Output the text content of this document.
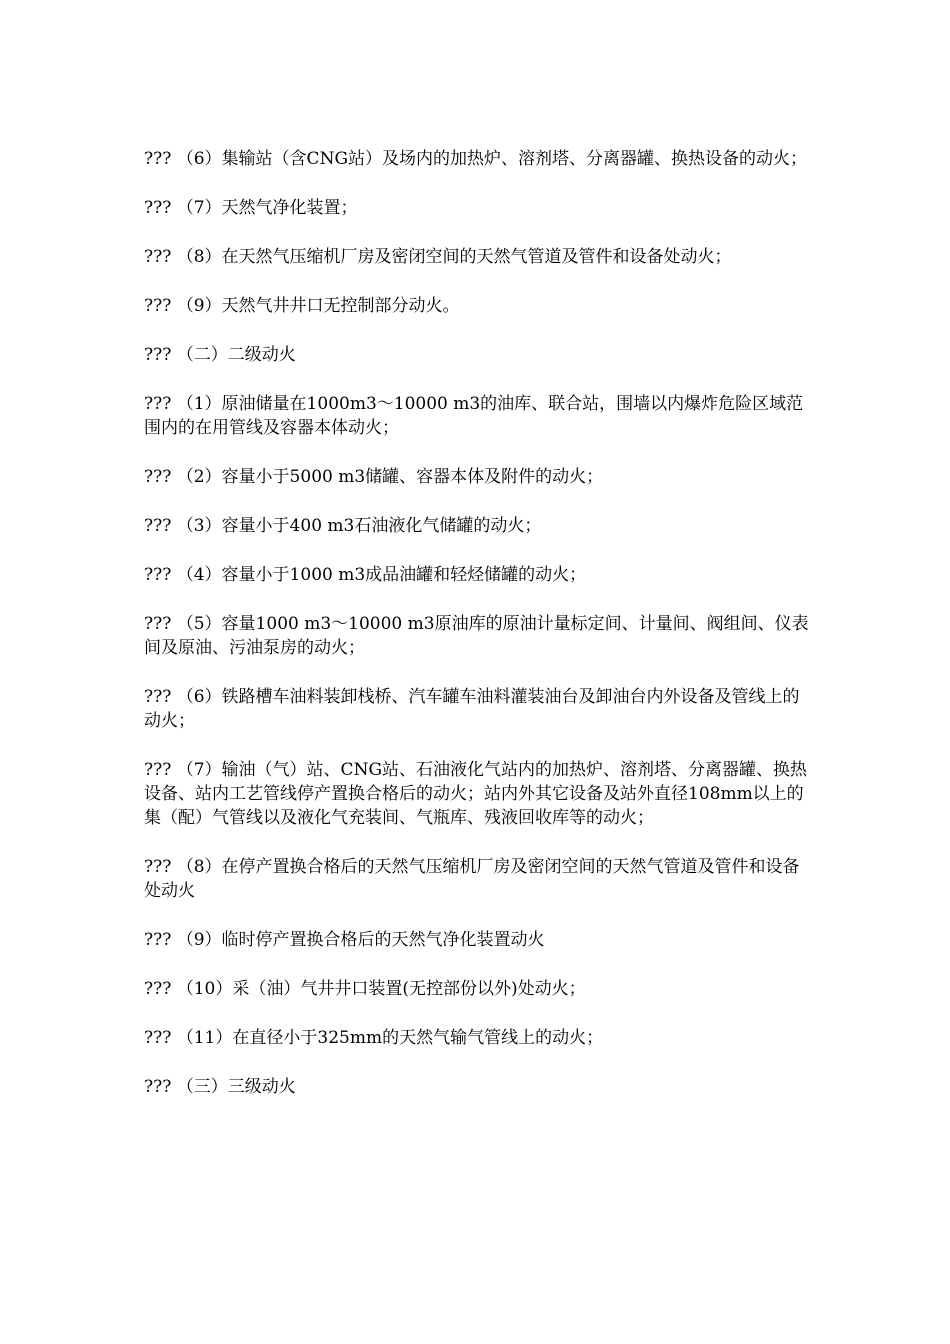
??? （6）集输站（含CNG站）及场内的加热炉、溶剂塔、分离器罐、换热设备的动火；

??? （7）天然气净化装置；

??? （8）在天然气压缩机厂房及密闭空间的天然气管道及管件和设备处动火；

??? （9）天然气井井口无控制部分动火。

??? （二）二级动火

??? （1）原油储量在1000m3～10000 m3的油库、联合站，围墙以内爆炸危险区域范围内的在用管线及容器本体动火；

??? （2）容量小于5000 m3储罐、容器本体及附件的动火；

??? （3）容量小于400 m3石油液化气储罐的动火；

??? （4）容量小于1000 m3成品油罐和轻烃储罐的动火；

??? （5）容量1000 m3～10000 m3原油库的原油计量标定间、计量间、阀组间、仪表间及原油、污油泵房的动火；

??? （6）铁路槽车油料装卸栈桥、汽车罐车油料灌装油台及卸油台内外设备及管线上的动火；

??? （7）输油（气）站、CNG站、石油液化气站内的加热炉、溶剂塔、分离器罐、换热设备、站内工艺管线停产置换合格后的动火；站内外其它设备及站外直径108mm以上的集（配）气管线以及液化气充装间、气瓶库、残液回收库等的动火；

??? （8）在停产置换合格后的天然气压缩机厂房及密闭空间的天然气管道及管件和设备处动火

??? （9）临时停产置换合格后的天然气净化装置动火

??? （10）采（油）气井井口装置(无控部份以外)处动火；

??? （11）在直径小于325mm的天然气输气管线上的动火；

??? （三）三级动火
